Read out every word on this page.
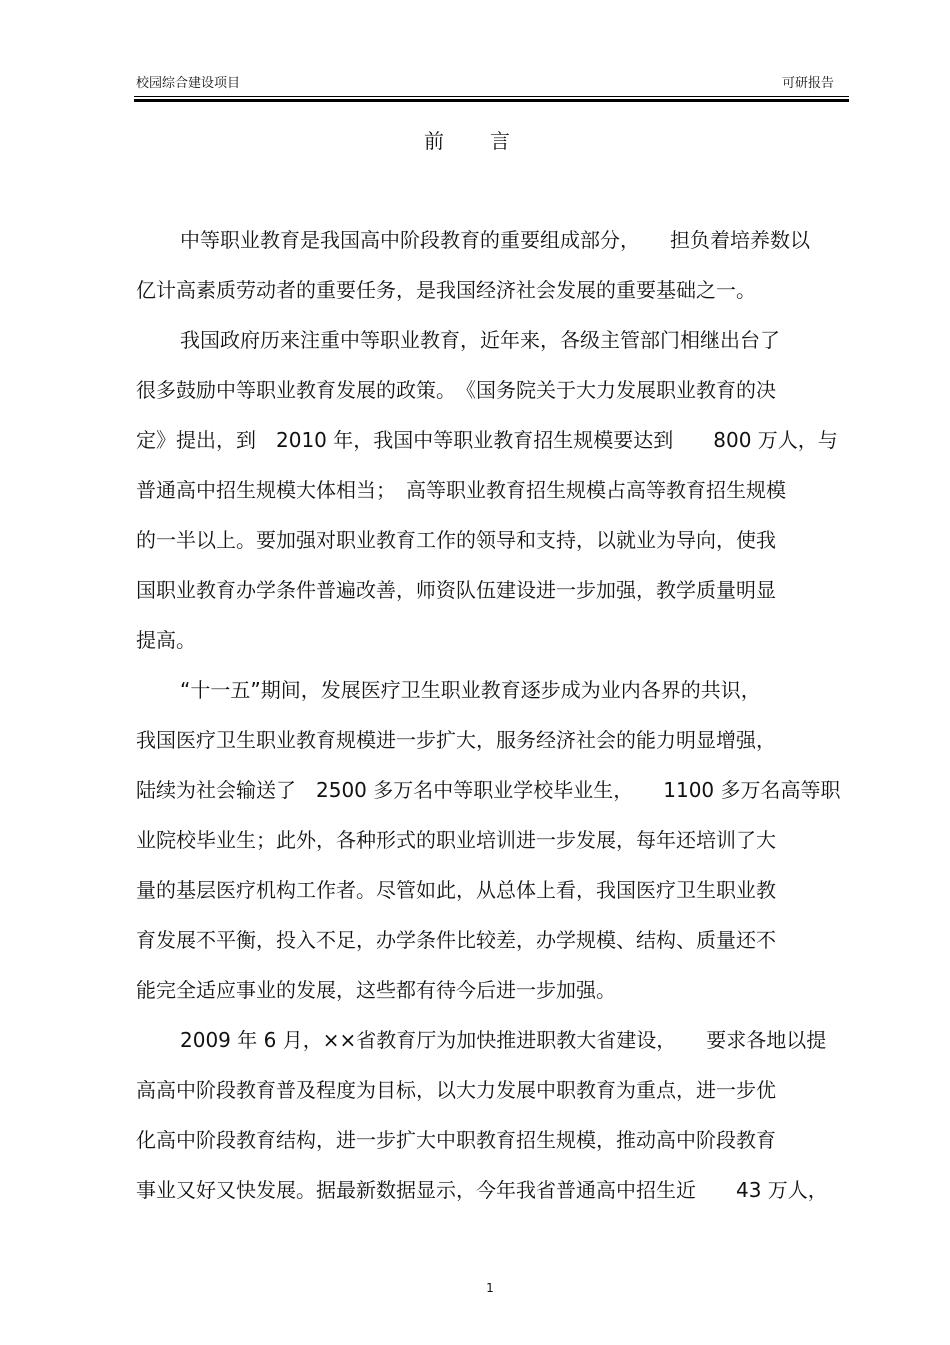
校园综合建设项目	可研报告
前言
中等职业教育是我国高中阶段教育的重要组成部分，　　担负着培养数以
亿计高素质劳动者的重要任务，是我国经济社会发展的重要基础之一。
我国政府历来注重中等职业教育，近年来，各级主管部门相继出台了
很多鼓励中等职业教育发展的政策。　《国务院关于大力发展职业教育的决
定》提出，到　2010 年，我国中等职业教育招生规模要达到　　800 万人，与
普通高中招生规模大体相当；　高等职业教育招生规模占高等教育招生规模
的一半以上。要加强对职业教育工作的领导和支持，以就业为导向，使我
国职业教育办学条件普遍改善，师资队伍建设进一步加强，教学质量明显
提高。
“十一五”期间，发展医疗卫生职业教育逐步成为业内各界的共识，
我国医疗卫生职业教育规模进一步扩大，服务经济社会的能力明显增强，
陆续为社会输送了　2500 多万名中等职业学校毕业生，　　1100 多万名高等职
业院校毕业生；此外，各种形式的职业培训进一步发展，每年还培训了大
量的基层医疗机构工作者。尽管如此，从总体上看，我国医疗卫生职业教
育发展不平衡，投入不足，办学条件比较差，办学规模、结构、质量还不
能完全适应事业的发展，这些都有待今后进一步加强。
2009 年 6 月，××省教育厅为加快推进职教大省建设，　　要求各地以提
高高中阶段教育普及程度为目标，以大力发展中职教育为重点，进一步优
化高中阶段教育结构，进一步扩大中职教育招生规模，推动高中阶段教育
事业又好又快发展。据最新数据显示，今年我省普通高中招生近　　43 万人，
1
